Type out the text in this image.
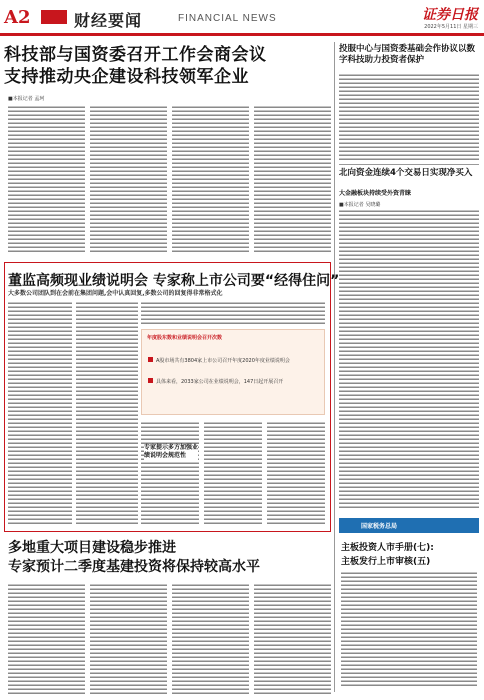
A2	财经要闻	FINANCIAL NEWS	证券日报
2022年5月11日 星期三
科技部与国资委召开工作会商会议
支持推动央企建设科技领军企业
■本报记者 孟珂
投服中心与国资委基础会作协议以数字科技助力投资者保护
北向资金连续4个交易日实现净买入
大金融板块持续受外资青睐
■本报记者 吴晓璐
董监高频现业绩说明会 专家称上市公司要“经得住问”
大多数公司团队到在会前在集团问题,会中认真回复,多数公司的回复得非常格式化
年度股东数和业绩说明会召开次数
A股市场共有3804家上市公司召开年度2020年度业绩说明会
具体来看，2033家公司在业绩说明会，147日起开展召开
专家提示多方加强业绩说明会规范性
多地重大项目建设稳步推进
专家预计二季度基建投资将保持较高水平
国家税务总局
主板投资人市手册(七):
主板发行上市审核(五)
